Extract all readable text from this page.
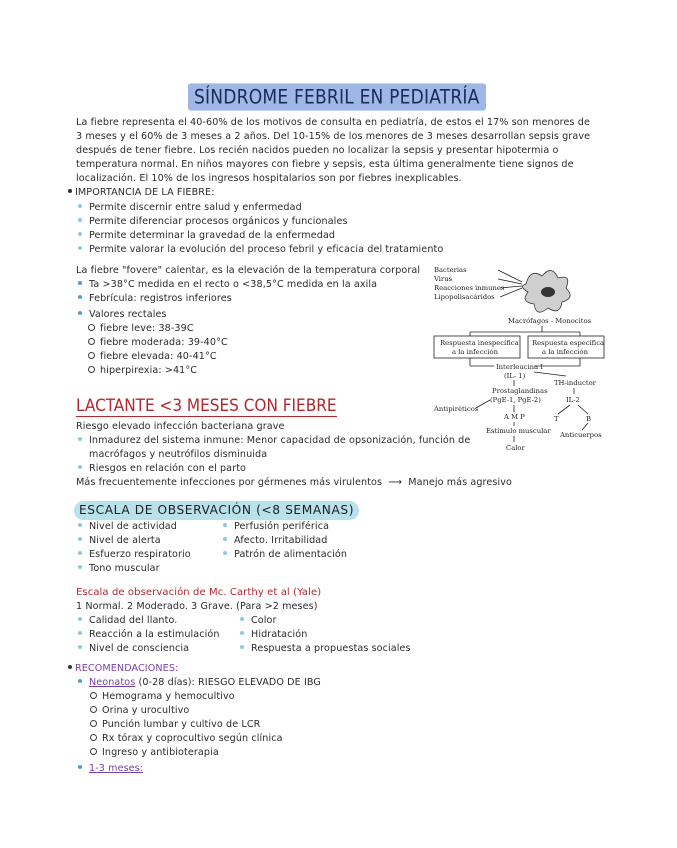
SÍNDROME FEBRIL EN PEDIATRÍA
La fiebre representa el 40-60% de los motivos de consulta en pediatría, de estos el 17% son menores de
3 meses y el 60% de 3 meses a 2 años. Del 10-15% de los menores de 3 meses desarrollan sepsis grave
después de tener fiebre. Los recién nacidos pueden no localizar la sepsis y presentar hipotermia o
temperatura normal. En niños mayores con fiebre y sepsis, esta última generalmente tiene signos de
localización. El 10% de los ingresos hospitalarios son por fiebres inexplicables.
IMPORTANCIA DE LA FIEBRE:
Permite discernir entre salud y enfermedad
Permite diferenciar procesos orgánicos y funcionales
Permite determinar la gravedad de la enfermedad
Permite valorar la evolución del proceso febril y eficacia del tratamiento
La fiebre "fovere" calentar, es la elevación de la temperatura corporal
Ta >38°C medida en el recto o <38,5°C medida en la axila
Febrícula: registros inferiores
Valores rectales
fiebre leve: 38-39C
fiebre moderada: 39-40°C
fiebre elevada: 40-41°C
hiperpirexia: >41°C
Bacterias
Virus
Reacciones inmunes
Lipopolisacáridos
Macrófagos - Monocitos
Respuesta inespecífica
a la infección
Respuesta específica
a la infección
Interleucina I
(IL- 1)
Prostaglandinas
(PgE-1, PgE-2)
Antipiréticos
A M P
Estímulo muscular
Calor
TH-inductor
IL-2
T	B
Anticuerpos
LACTANTE <3 MESES CON FIEBRE
Riesgo elevado infección bacteriana grave
Inmadurez del sistema inmune: Menor capacidad de opsonización, función de
macrófagos y neutrófilos disminuida
Riesgos en relación con el parto
Más frecuentemente infecciones por gérmenes más virulentos ⟶ Manejo más agresivo
ESCALA DE OBSERVACIÓN (<8 SEMANAS)
Nivel de actividad
Nivel de alerta
Esfuerzo respiratorio
Tono muscular
Perfusión periférica
Afecto. Irritabilidad
Patrón de alimentación
Escala de observación de Mc. Carthy et al (Yale)
1 Normal. 2 Moderado. 3 Grave. (Para >2 meses)
Calidad del llanto.
Reacción a la estimulación
Nivel de consciencia
Color
Hidratación
Respuesta a propuestas sociales
RECOMENDACIONES:
Neonatos (0-28 días): RIESGO ELEVADO DE IBG
Hemograma y hemocultivo
Orina y urocultivo
Punción lumbar y cultivo de LCR
Rx tórax y coprocultivo según clínica
Ingreso y antibioterapia
1-3 meses:
